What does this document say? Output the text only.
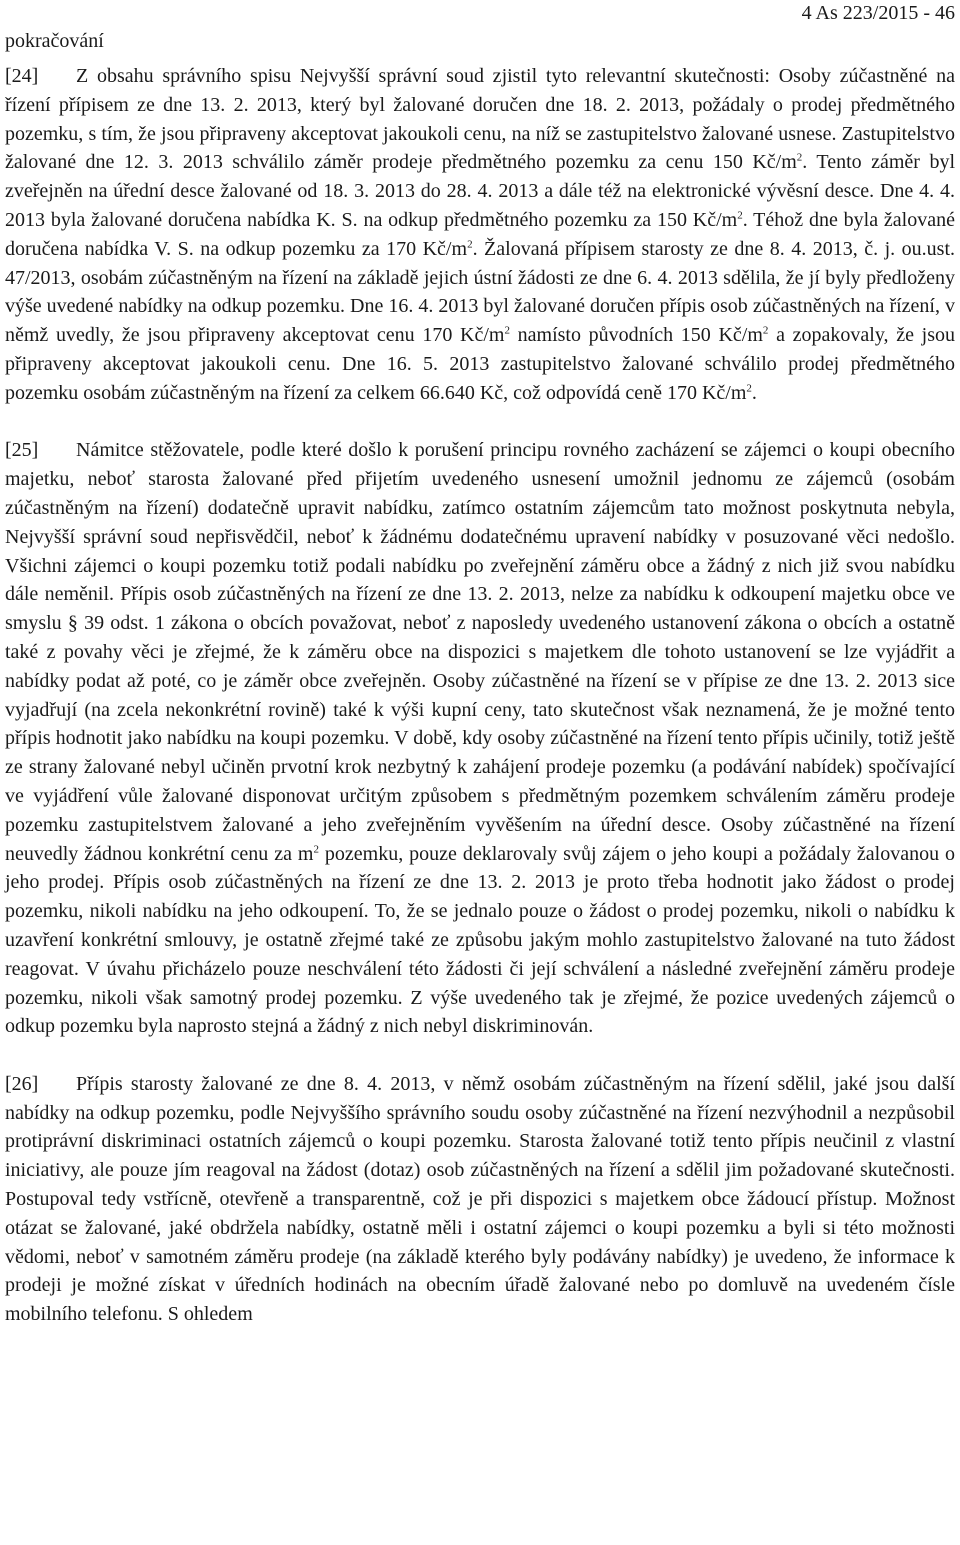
pokračování
4 As 223/2015 - 46

[24] Z obsahu správního spisu Nejvyšší správní soud zjistil tyto relevantní skutečnosti: Osoby zúčastněné na řízení přípisem ze dne 13. 2. 2013, který byl žalované doručen dne 18. 2. 2013, požádaly o prodej předmětného pozemku, s tím, že jsou připraveny akceptovat jakoukoli cenu, na níž se zastupitelstvo žalované usnese. Zastupitelstvo žalované dne 12. 3. 2013 schválilo záměr prodeje předmětného pozemku za cenu 150 $Kč/m^2$. Tento záměr byl zveřejněn na úřední desce žalované od 18. 3. 2013 do 28. 4. 2013 a dále též na elektronické vývěsní desce. Dne 4. 4. 2013 byla žalované doručena nabídka K. S. na odkup předmětného pozemku za 150 $Kč/m^2$. Téhož dne byla žalované doručena nabídka V. S. na odkup pozemku za 170 $Kč/m^2$. Žalovaná přípisem starosty ze dne 8. 4. 2013, č. j. ou.ust. 47/2013, osobám zúčastněným na řízení na základě jejich ústní žádosti ze dne 6. 4. 2013 sdělila, že jí byly předloženy výše uvedené nabídky na odkup pozemku. Dne 16. 4. 2013 byl žalované doručen přípis osob zúčastněných na řízení, v němž uvedly, že jsou připraveny akceptovat cenu 170 $Kč/m^2$ namísto původních 150 $Kč/m^2$ a zopakovaly, že jsou připraveny akceptovat jakoukoli cenu. Dne 16. 5. 2013 zastupitelstvo žalované schválilo prodej předmětného pozemku osobám zúčastněným na řízení za celkem 66.640 Kč, což odpovídá ceně 170 $Kč/m^2$.

[25] Námitce stěžovatele, podle které došlo k porušení principu rovného zacházení se zájemci o koupi obecního majetku, neboť starosta žalované před přijetím uvedeného usnesení umožnil jednomu ze zájemců (osobám zúčastněným na řízení) dodatečně upravit nabídku, zatímco ostatním zájemcům tato možnost poskytnuta nebyla, Nejvyšší správní soud nepřisvědčil, neboť k žádnému dodatečnému upravení nabídky v posuzované věci nedošlo. Všichni zájemci o koupi pozemku totiž podali nabídku po zveřejnění záměru obce a žádný z nich již svou nabídku dále neměnil. Přípis osob zúčastněných na řízení ze dne 13. 2. 2013, nelze za nabídku k odkoupení majetku obce ve smyslu § 39 odst. 1 zákona o obcích považovat, neboť z naposledy uvedeného ustanovení zákona o obcích a ostatně také z povahy věci je zřejmé, že k záměru obce na dispozici s majetkem dle tohoto ustanovení se lze vyjádřit a nabídky podat až poté, co je záměr obce zveřejněn. Osoby zúčastněné na řízení se v přípise ze dne 13. 2. 2013 sice vyjadřují (na zcela nekonkrétní rovině) také k výši kupní ceny, tato skutečnost však neznamená, že je možné tento přípis hodnotit jako nabídku na koupi pozemku. V době, kdy osoby zúčastněné na řízení tento přípis učinily, totiž ještě ze strany žalované nebyl učiněn prvotní krok nezbytný k zahájení prodeje pozemku (a podávání nabídek) spočívající ve vyjádření vůle žalované disponovat určitým způsobem s předmětným pozemkem schválením záměru prodeje pozemku zastupitelstvem žalované a jeho zveřejněním vyvěšením na úřední desce. Osoby zúčastněné na řízení neuvedly žádnou konkrétní cenu za $m^2$ pozemku, pouze deklarovaly svůj zájem o jeho koupi a požádaly žalovanou o jeho prodej. Přípis osob zúčastněných na řízení ze dne 13. 2. 2013 je proto třeba hodnotit jako žádost o prodej pozemku, nikoli nabídku na jeho odkoupení. To, že se jednalo pouze o žádost o prodej pozemku, nikoli o nabídku k uzavření konkrétní smlouvy, je ostatně zřejmé také ze způsobu jakým mohlo zastupitelstvo žalované na tuto žádost reagovat. V úvahu přicházelo pouze neschválení této žádosti či její schválení a následné zveřejnění záměru prodeje pozemku, nikoli však samotný prodej pozemku. Z výše uvedeného tak je zřejmé, že pozice uvedených zájemců o odkup pozemku byla naprosto stejná a žádný z nich nebyl diskriminován.

[26] Přípis starosty žalované ze dne 8. 4. 2013, v němž osobám zúčastněným na řízení sdělil, jaké jsou další nabídky na odkup pozemku, podle Nejvyššího správního soudu osoby zúčastněné na řízení nezvýhodnil a nezpůsobil protiprávní diskriminaci ostatních zájemců o koupi pozemku. Starosta žalované totiž tento přípis neučinil z vlastní iniciativy, ale pouze jím reagoval na žádost (dotaz) osob zúčastněných na řízení a sdělil jim požadované skutečnosti. Postupoval tedy vstřícně, otevřeně a transparentně, což je při dispozici s majetkem obce žádoucí přístup. Možnost otázat se žalované, jaké obdržela nabídky, ostatně měli i ostatní zájemci o koupi pozemku a byli si této možnosti vědomi, neboť v samotném záměru prodeje (na základě kterého byly podávány nabídky) je uvedeno, že informace k prodeji je možné získat v úředních hodinách na obecním úřadě žalované nebo po domluvě na uvedeném čísle mobilního telefonu. S ohledem
